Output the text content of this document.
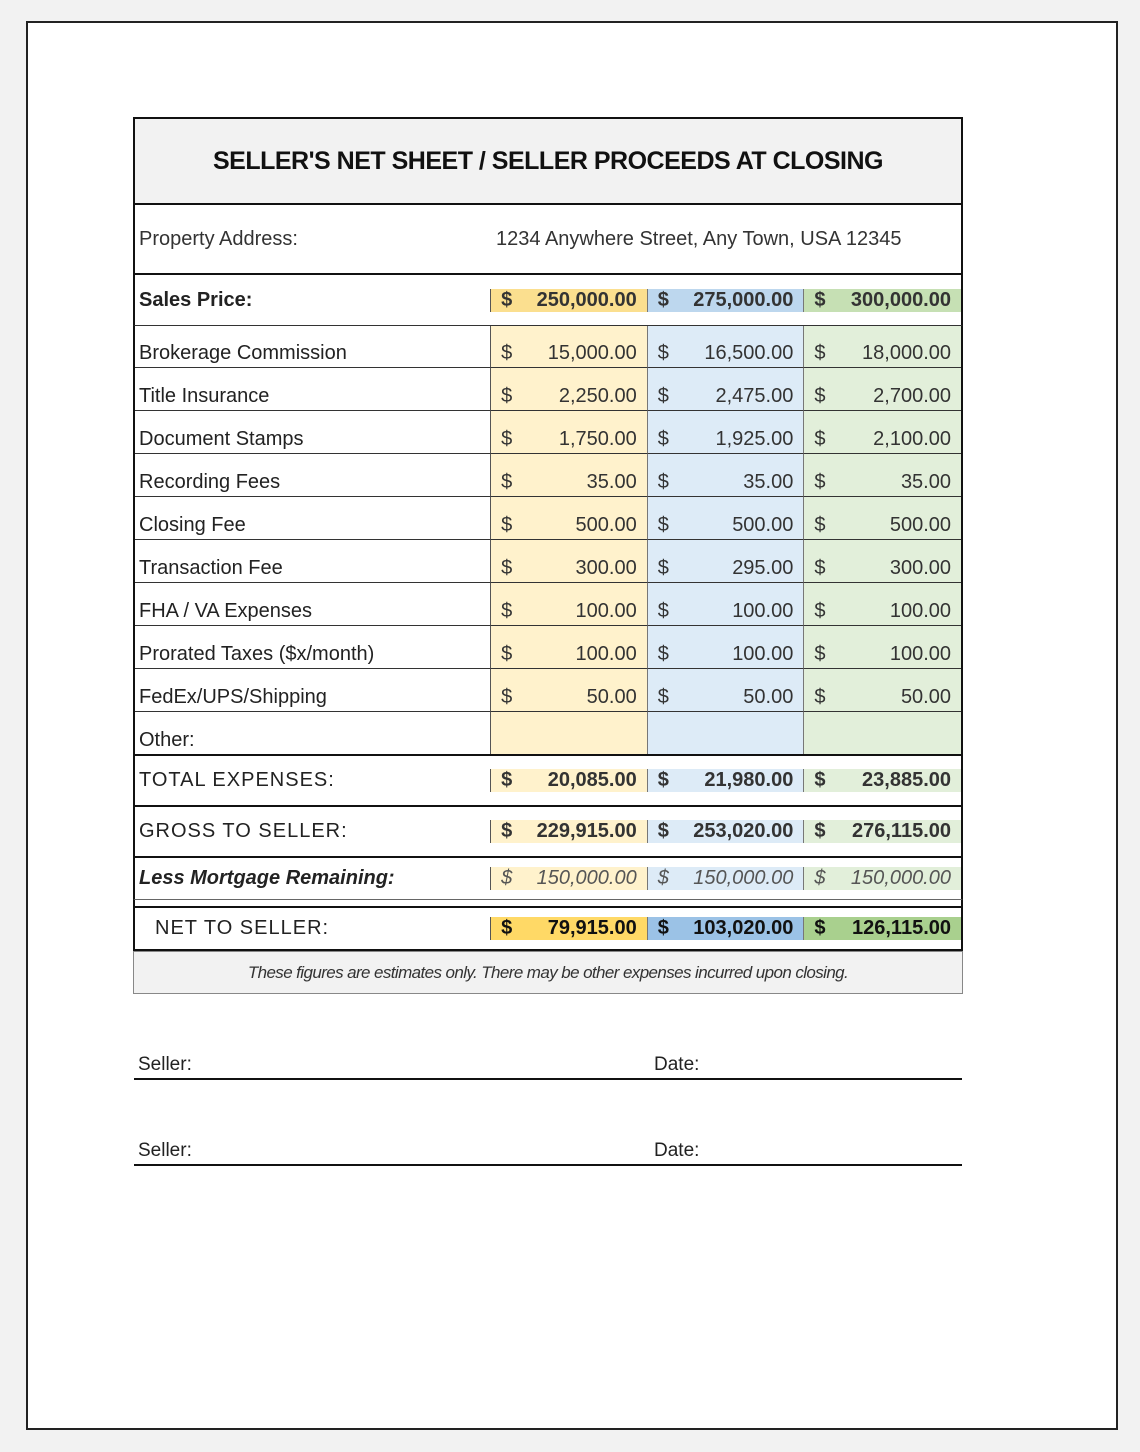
SELLER'S NET SHEET / SELLER PROCEEDS AT CLOSING
Property Address:	1234 Anywhere Street, Any Town, USA 12345
Sales Price:	$ 250,000.00 $ 275,000.00 $ 300,000.00
Brokerage Commission	$ 15,000.00 $ 16,500.00 $ 18,000.00
Title Insurance	$ 2,250.00 $ 2,475.00 $ 2,700.00
Document Stamps	$ 1,750.00 $ 1,925.00 $ 2,100.00
Recording Fees	$	35.00 $	35.00 $	35.00
Closing Fee	$	500.00 $	500.00 $	500.00
Transaction Fee	$	300.00 $	295.00 $	300.00
FHA / VA Expenses	$	100.00 $	100.00 $	100.00
Prorated Taxes ($x/month)	$	100.00 $	100.00 $	100.00
FedEx/UPS/Shipping	$	50.00 $	50.00 $	50.00
Other:
TOTAL EXPENSES:	$ 20,085.00 $ 21,980.00 $ 23,885.00
GROSS TO SELLER:	$ 229,915.00 $ 253,020.00 $ 276,115.00
Less Mortgage Remaining:	$ 150,000.00 $ 150,000.00 $ 150,000.00
NET TO SELLER:	$ 79,915.00 $ 103,020.00 $ 126,115.00
These figures are estimates only. There may be other expenses incurred upon closing.
Seller:	Date:
Seller:	Date:
